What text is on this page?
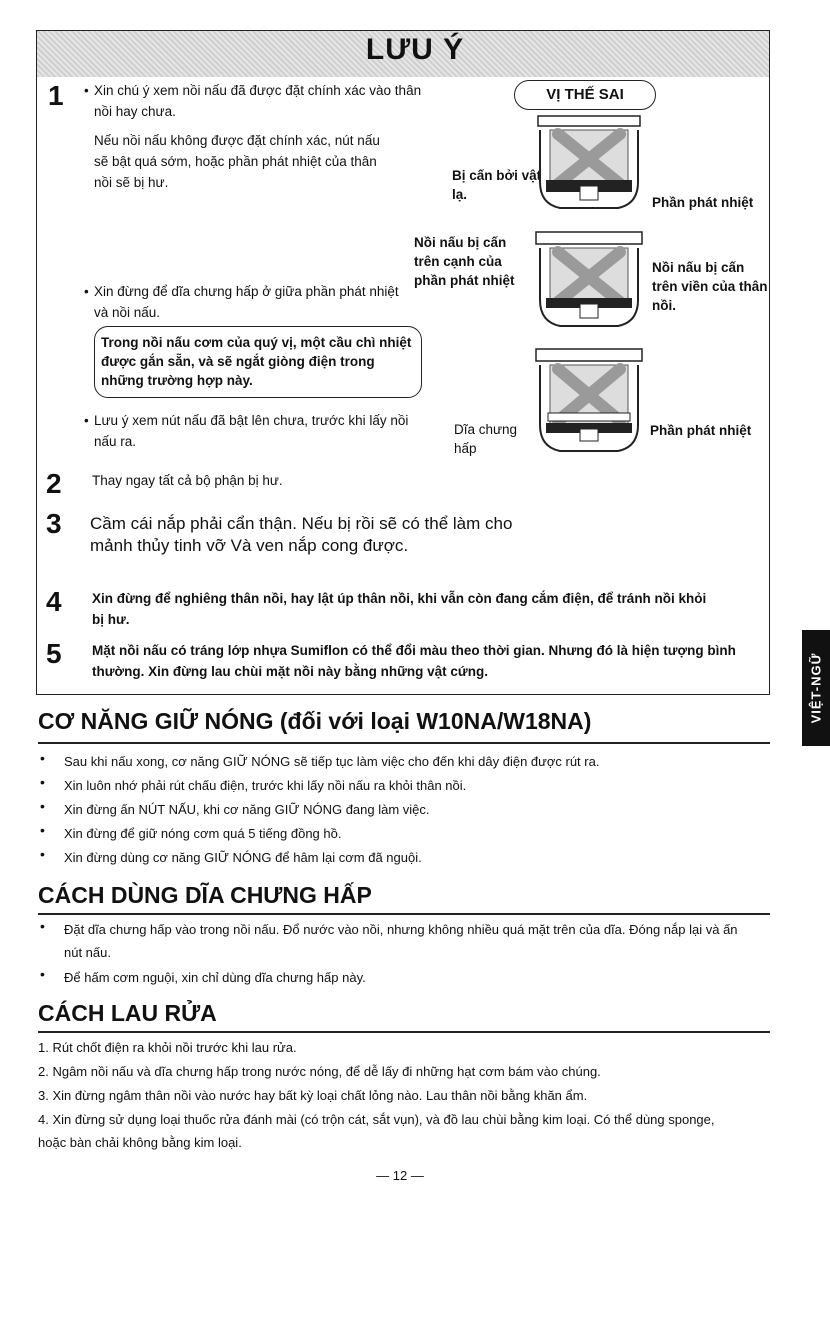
LƯU Ý
1
• Xin chú ý xem nồi nấu đã được đặt chính xác vào thân nồi hay chưa.
Nếu nồi nấu không được đặt chính xác, nút nấu sẽ bật quá sớm, hoặc phần phát nhiệt của thân nồi sẽ bị hư.
• Xin đừng để dĩa chưng hấp ở giữa phần phát nhiệt và nồi nấu.
Trong nồi nấu cơm của quý vị, một cầu chì nhiệt được gắn sẵn, và sẽ ngắt giòng điện trong những trường hợp này.
• Lưu ý xem nút nấu đã bật lên chưa, trước khi lấy nồi nấu ra.
VỊ THẾ SAI
Bị cấn bởi vật lạ.
Phần phát nhiệt
Nồi nấu bị cấn trên cạnh của phần phát nhiệt
Nồi nấu bị cấn trên viền của thân nồi.
Dĩa chưng hấp
Phần phát nhiệt
2 Thay ngay tất cả bộ phận bị hư.
3 Cầm cái nắp phải cẩn thận. Nếu bị rồi sẽ có thể làm cho mảnh thủy tinh vỡ Và ven nắp cong được.
4 Xin đừng để nghiêng thân nồi, hay lật úp thân nồi, khi vẫn còn đang cắm điện, để tránh nồi khỏi bị hư.
5 Mặt nồi nấu có tráng lớp nhựa Sumiflon có thể đổi màu theo thời gian. Nhưng đó là hiện tượng bình thường. Xin đừng lau chùi mặt nồi này bằng những vật cứng.	VIỆT-NGỮ
CƠ NĂNG GIỮ NÓNG (đối với loại W10NA/W18NA)
• Sau khi nấu xong, cơ năng GIỮ NÓNG sẽ tiếp tục làm việc cho đến khi dây điện được rút ra.
• Xin luôn nhớ phải rút chấu điện, trước khi lấy nồi nấu ra khỏi thân nồi.
• Xin đừng ấn NÚT NẤU, khi cơ năng GIỮ NÓNG đang làm việc.
• Xin đừng để giữ nóng cơm quá 5 tiếng đồng hồ.
• Xin đừng dùng cơ năng GIỮ NÓNG để hâm lại cơm đã nguội.
CÁCH DÙNG DĨA CHƯNG HẤP
• Đặt dĩa chưng hấp vào trong nồi nấu. Đổ nước vào nồi, nhưng không nhiều quá mặt trên của dĩa. Đóng nắp lại và ấn nút nấu.
• Để hấm cơm nguội, xin chỉ dùng dĩa chưng hấp này.
CÁCH LAU RỬA
1. Rút chốt điện ra khỏi nồi trước khi lau rửa.
2. Ngâm nồi nấu và dĩa chưng hấp trong nước nóng, để dễ lấy đi những hạt cơm bám vào chúng.
3. Xin đừng ngâm thân nồi vào nước hay bất kỳ loại chất lỏng nào. Lau thân nồi bằng khăn ẩm.
4. Xin đừng sử dụng loại thuốc rửa đánh mài (có trộn cát, sắt vụn), và đồ lau chùi bằng kim loại. Có thể dùng sponge, hoặc bàn chải không bằng kim loại.
— 12 —
